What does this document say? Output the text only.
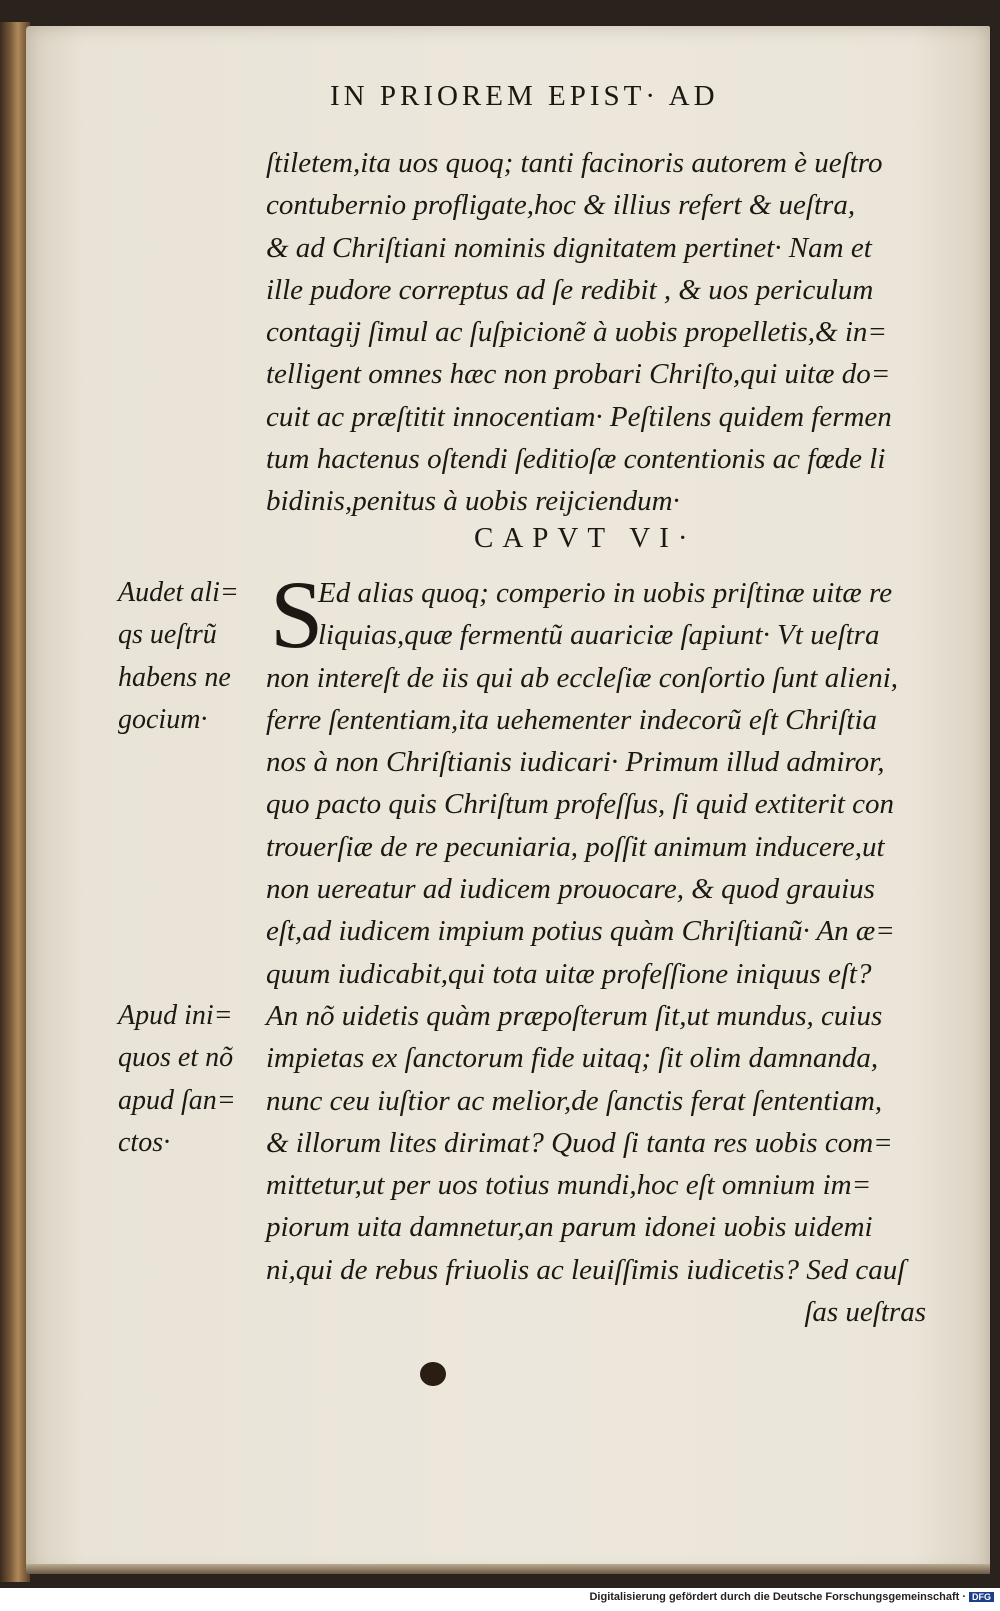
IN PRIOREM EPIST· AD
ſtiletem,ita uos quoq; tanti facinoris autorem è ueſtro
contubernio profligate,hoc & illius refert & ueſtra,
& ad Chriſtiani nominis dignitatem pertinet· Nam et
ille pudore correptus ad ſe redibit , & uos periculum
contagij ſimul ac ſuſpicionẽ à uobis propelletis,& in=
telligent omnes hæc non probari Chriſto,qui uitæ do=
cuit ac præſtitit innocentiam· Peſtilens quidem fermen
tum hactenus oſtendi ſeditioſæ contentionis ac fœde li
bidinis,penitus à uobis reijciendum·
CAPVT VI·
S
Ed alias quoq; comperio in uobis priſtinæ uitæ re
liquias,quæ fermentũ auariciæ ſapiunt· Vt ueſtra
non intereſt de iis qui ab eccleſiæ conſortio ſunt alieni,
ferre ſententiam,ita uehementer indecorũ eſt Chriſtia
nos à non Chriſtianis iudicari· Primum illud admiror,
quo pacto quis Chriſtum profeſſus, ſi quid extiterit con
trouerſiæ de re pecuniaria, poſſit animum inducere,ut
non uereatur ad iudicem prouocare, & quod grauius
eſt,ad iudicem impium potius quàm Chriſtianũ· An æ=
quum iudicabit,qui tota uitæ profeſſione iniquus eſt?
An nõ uidetis quàm præpoſterum ſit,ut mundus, cuius
impietas ex ſanctorum fide uitaq; ſit olim damnanda,
nunc ceu iuſtior ac melior,de ſanctis ferat ſententiam,
& illorum lites dirimat? Quod ſi tanta res uobis com=
mittetur,ut per uos totius mundi,hoc eſt omnium im=
piorum uita damnetur,an parum idonei uobis uidemi
ni,qui de rebus friuolis ac leuiſſimis iudicetis? Sed cauſ
ſas ueſtras
Audet ali=
qs ueſtrũ
habens ne
gocium·
Apud ini=
quos et nõ
apud ſan=
ctos·
Digitalisierung gefördert durch die Deutsche Forschungsgemeinschaft · DFG
